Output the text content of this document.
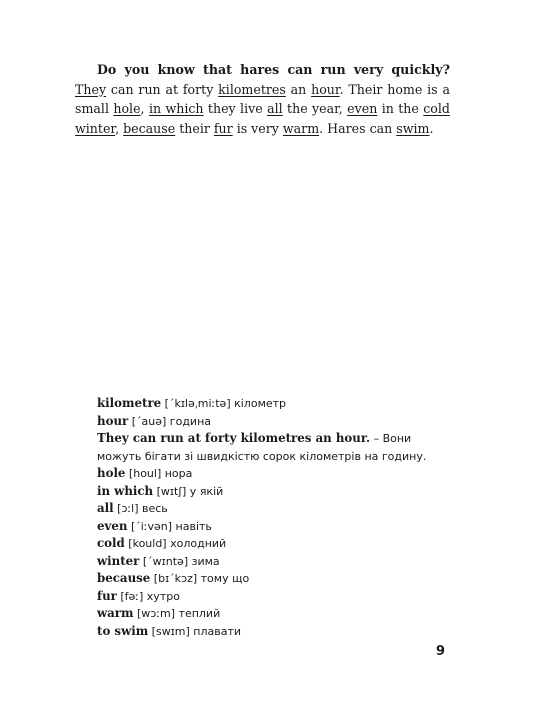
Do you know that hares can run very quickly? They can run at forty kilometres an hour. Their home is a small hole, in which they live all the year, even in the cold winter, because their fur is very warm. Hares can swim.

kilometre [ˊkɪləˌmiːtə] кілометр
hour [ˊauə] година
They can run at forty kilometres an hour. – Вони можуть бігати зі швидкістю сорок кілометрів на годину.
hole [houl] нора
in which [wɪtʃ] у якій
all [ɔːl] весь
even [ˊiːvən] навіть
cold [kould] холодний
winter [ˊwɪntə] зима
because [bɪˊkɔz] тому що
fur [fəː] хутро
warm [wɔːm] теплий
to swim [swɪm] плавати
9
